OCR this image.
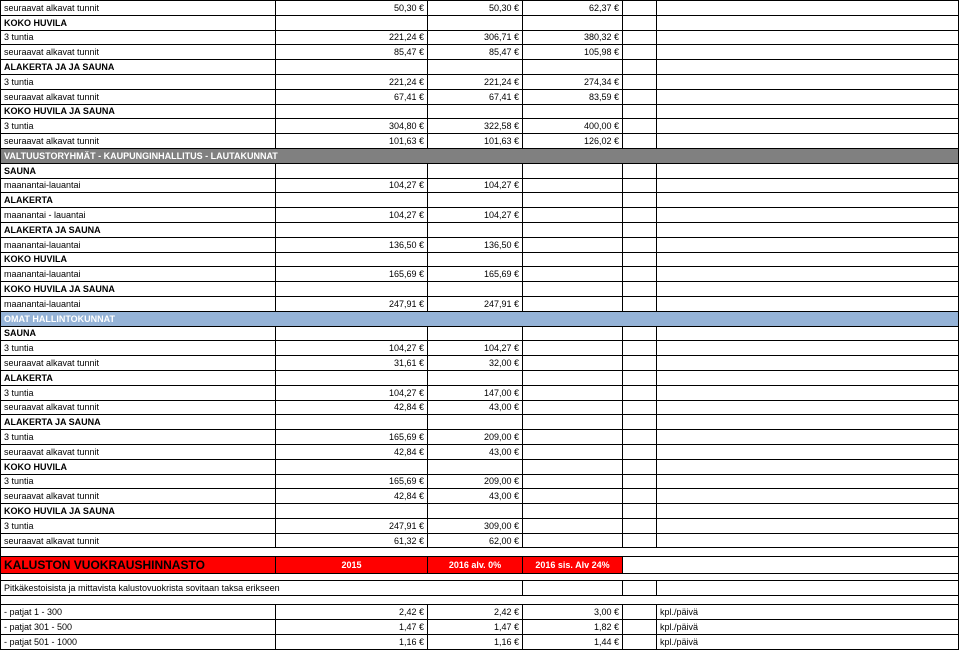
seuraavat alkavat tunnit	50,30 €	50,30 €	62,37 €		
KOKO HUVILA					
3 tuntia	221,24 €	306,71 €	380,32 €		
seuraavat alkavat tunnit	85,47 €	85,47 €	105,98 €		
ALAKERTA JA JA SAUNA					
3 tuntia	221,24 €	221,24 €	274,34 €		
seuraavat alkavat tunnit	67,41 €	67,41 €	83,59 €		
KOKO HUVILA JA SAUNA					
3 tuntia	304,80 €	322,58 €	400,00 €		
seuraavat alkavat tunnit	101,63 €	101,63 €	126,02 €		
VALTUUSTORYHMÄT - KAUPUNGINHALLITUS - LAUTAKUNNAT					
SAUNA					
maanantai-lauantai	104,27 €	104,27 €			
ALAKERTA					
maanantai - lauantai	104,27 €	104,27 €			
ALAKERTA JA SAUNA					
maanantai-lauantai	136,50 €	136,50 €			
KOKO HUVILA					
maanantai-lauantai	165,69 €	165,69 €			
KOKO HUVILA JA SAUNA					
maanantai-lauantai	247,91 €	247,91 €			
OMAT HALLINTOKUNNAT					
SAUNA					
3 tuntia	104,27 €	104,27 €			
seuraavat alkavat tunnit	31,61 €	32,00 €			
ALAKERTA					
3 tuntia	104,27 €	147,00 €			
seuraavat alkavat tunnit	42,84 €	43,00 €			
ALAKERTA JA SAUNA					
3 tuntia	165,69 €	209,00 €			
seuraavat alkavat tunnit	42,84 €	43,00 €			
KOKO HUVILA					
3 tuntia	165,69 €	209,00 €			
seuraavat alkavat tunnit	42,84 €	43,00 €			
KOKO HUVILA JA SAUNA					
3 tuntia	247,91 €	309,00 €			
seuraavat alkavat tunnit	61,32 €	62,00 €			

KALUSTON VUOKRAUSHINNASTO	2015	2016 alv. 0%	2016 sis. Alv 24%		

Pitkäkestoisista ja mittavista kalustovuokrista sovitaan taksa erikseen					

- patjat 1 - 300	2,42 €	2,42 €	3,00 €		kpl./päivä
- patjat 301 - 500	1,47 €	1,47 €	1,82 €		kpl./päivä
- patjat 501 - 1000	1,16 €	1,16 €	1,44 €		kpl./päivä
